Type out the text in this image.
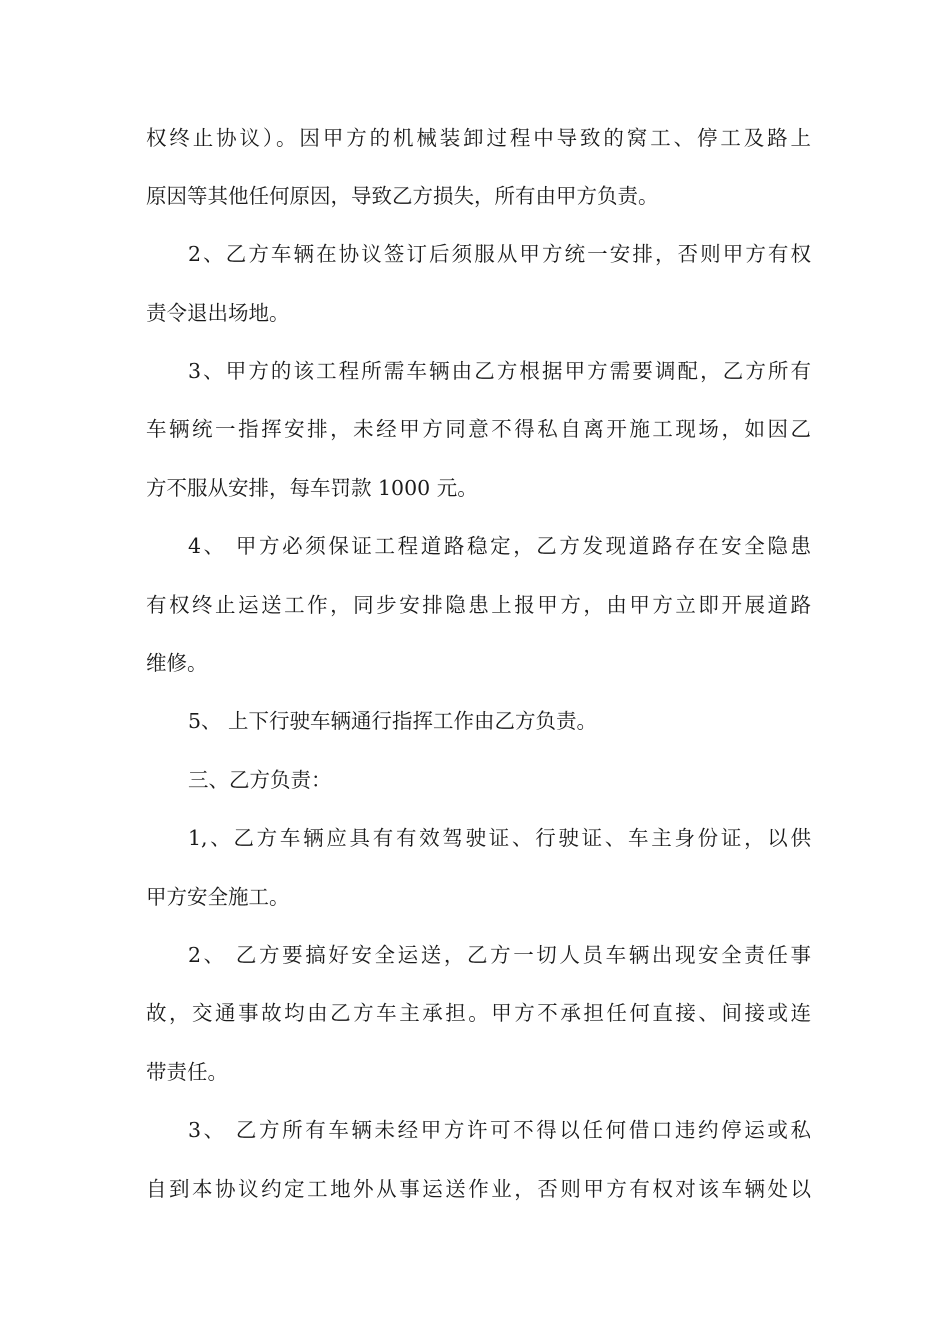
权终止协议）。因甲方的机械装卸过程中导致的窝工、停工及路上
原因等其他任何原因，导致乙方损失，所有由甲方负责。
2、乙方车辆在协议签订后须服从甲方统一安排，否则甲方有权
责令退出场地。
3、甲方的该工程所需车辆由乙方根据甲方需要调配，乙方所有
车辆统一指挥安排，未经甲方同意不得私自离开施工现场，如因乙
方不服从安排，每车罚款 1000 元。
4、 甲方必须保证工程道路稳定，乙方发现道路存在安全隐患
有权终止运送工作，同步安排隐患上报甲方，由甲方立即开展道路
维修。
5、 上下行驶车辆通行指挥工作由乙方负责。
三、乙方负责：
1,、乙方车辆应具有有效驾驶证、行驶证、车主身份证，以供
甲方安全施工。
2、 乙方要搞好安全运送，乙方一切人员车辆出现安全责任事
故，交通事故均由乙方车主承担。甲方不承担任何直接、间接或连
带责任。
3、 乙方所有车辆未经甲方许可不得以任何借口违约停运或私
自到本协议约定工地外从事运送作业，否则甲方有权对该车辆处以
